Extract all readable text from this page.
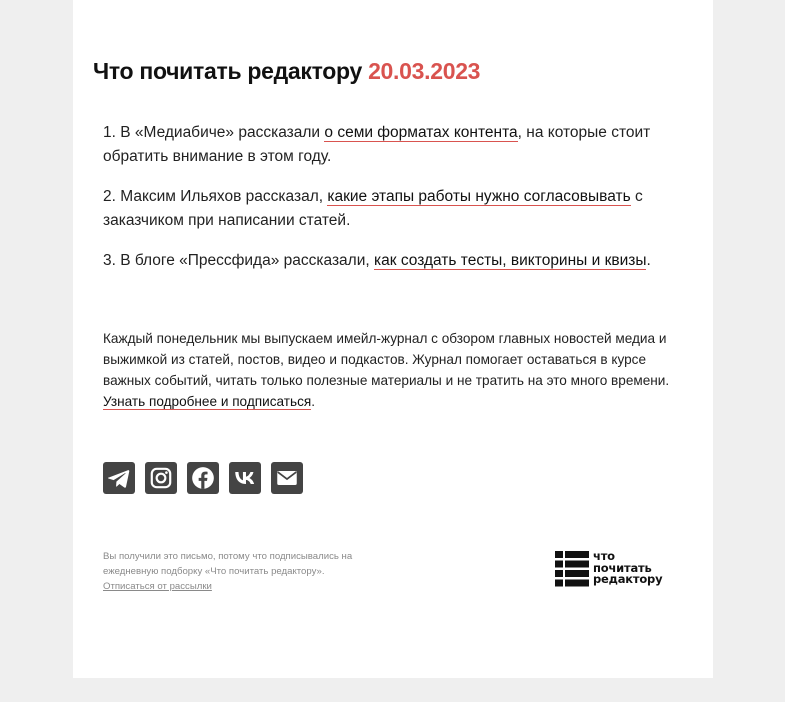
Что почитать редактору 20.03.2023

1. В «Медиабиче» рассказали о семи форматах контента, на которые стоит обратить внимание в этом году.

2. Максим Ильяхов рассказал, какие этапы работы нужно согласовывать с заказчиком при написании статей.

3. В блоге «Прессфида» рассказали, как создать тесты, викторины и квизы.

Каждый понедельник мы выпускаем имейл-журнал с обзором главных новостей медиа и выжимкой из статей, постов, видео и подкастов. Журнал помогает оставаться в курсе важных событий, читать только полезные материалы и не тратить на это много времени. Узнать подробнее и подписаться.

Вы получили это письмо, потому что подписывались на ежедневную подборку «Что почитать редактору».
Отписаться от рассылки

что
почитать
редактору
